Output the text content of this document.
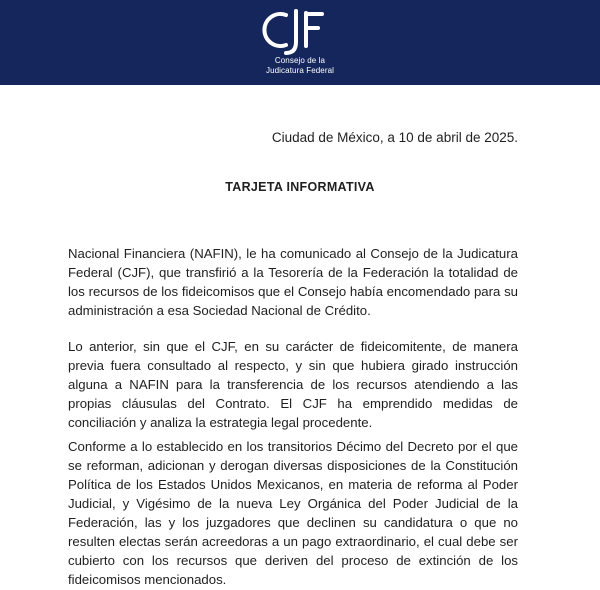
Consejo de la
Judicatura Federal
Ciudad de México, a 10 de abril de 2025.
TARJETA INFORMATIVA
Nacional Financiera (NAFIN), le ha comunicado al Consejo de la Judicatura Federal (CJF), que transfirió a la Tesorería de la Federación la totalidad de los recursos de los fideicomisos que el Consejo había encomendado para su administración a esa Sociedad Nacional de Crédito.
Lo anterior, sin que el CJF, en su carácter de fideicomitente, de manera previa fuera consultado al respecto, y sin que hubiera girado instrucción alguna a NAFIN para la transferencia de los recursos atendiendo a las propias cláusulas del Contrato. El CJF ha emprendido medidas de conciliación y analiza la estrategia legal procedente.
Conforme a lo establecido en los transitorios Décimo del Decreto por el que se reforman, adicionan y derogan diversas disposiciones de la Constitución Política de los Estados Unidos Mexicanos, en materia de reforma al Poder Judicial, y Vigésimo de la nueva Ley Orgánica del Poder Judicial de la Federación, las y los juzgadores que declinen su candidatura o que no resulten electas serán acreedoras a un pago extraordinario, el cual debe ser cubierto con los recursos que deriven del proceso de extinción de los fideicomisos mencionados.
